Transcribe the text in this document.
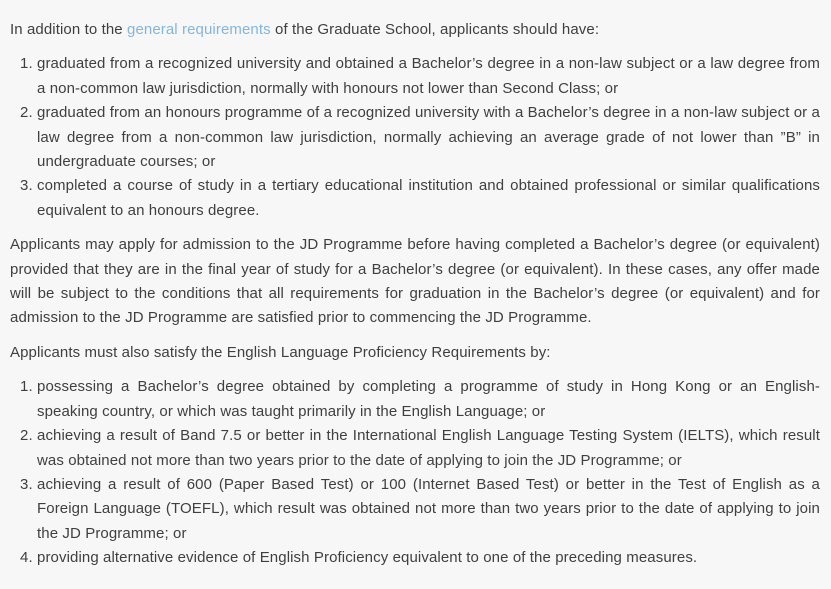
In addition to the general requirements of the Graduate School, applicants should have:

1. graduated from a recognized university and obtained a Bachelor’s degree in a non-law subject or a law degree from a non-common law jurisdiction, normally with honours not lower than Second Class; or
2. graduated from an honours programme of a recognized university with a Bachelor’s degree in a non-law subject or a law degree from a non-common law jurisdiction, normally achieving an average grade of not lower than ”B” in undergraduate courses; or
3. completed a course of study in a tertiary educational institution and obtained professional or similar qualifications equivalent to an honours degree.

Applicants may apply for admission to the JD Programme before having completed a Bachelor’s degree (or equivalent) provided that they are in the final year of study for a Bachelor’s degree (or equivalent). In these cases, any offer made will be subject to the conditions that all requirements for graduation in the Bachelor’s degree (or equivalent) and for admission to the JD Programme are satisfied prior to commencing the JD Programme.

Applicants must also satisfy the English Language Proficiency Requirements by:

1. possessing a Bachelor’s degree obtained by completing a programme of study in Hong Kong or an English-speaking country, or which was taught primarily in the English Language; or
2. achieving a result of Band 7.5 or better in the International English Language Testing System (IELTS), which result was obtained not more than two years prior to the date of applying to join the JD Programme; or
3. achieving a result of 600 (Paper Based Test) or 100 (Internet Based Test) or better in the Test of English as a Foreign Language (TOEFL), which result was obtained not more than two years prior to the date of applying to join the JD Programme; or
4. providing alternative evidence of English Proficiency equivalent to one of the preceding measures.
